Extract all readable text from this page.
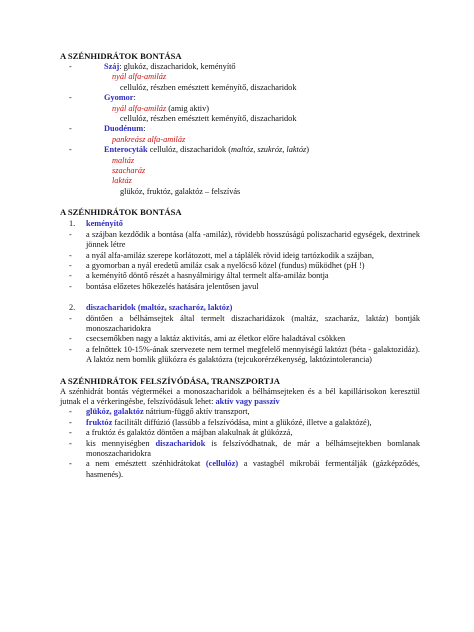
A SZÉNHIDRÁTOK BONTÁSA
-	Száj: glukóz, diszacharidok, keményítő
nyál alfa-amiláz
cellulóz, részben emésztett keményítő, diszacharidok
-	Gyomor:
nyál alfa-amiláz (amig aktiv)
cellulóz, részben emésztett keményítő, diszacharidok
-	Duodénum:
pankreász alfa-amiláz
-	Enterocyták cellulóz, diszacharidok (maltóz, szukróz, laktóz)
maltáz
szacharáz
laktáz
glükóz, fruktóz, galaktóz – felszívás
A SZÉNHIDRÁTOK BONTÁSA
1. keményítő
- a szájban kezdődik a bontása (alfa -amiláz), rövidebb hosszúságú poliszacharid egységek, dextrinek jönnek létre
- a nyál alfa-amiláz szerepe korlátozott, mel a táplálék rövid ideig tartózkodik a szájban,
- a gyomorban a nyál eredetű amiláz csak a nyelőcső közel (fundus) működhet (pH !)
- a keményítő döntő részét a hasnyálmirigy által termelt alfa-amiláz bontja
- bontása előzetes hőkezelés hatására jelentősen javul
2. diszacharidok (maltóz, szacharóz, laktóz)
- döntően a bélhámsejtek által termelt diszacharidázok (maltáz, szacharáz, laktáz) bontják monoszacharidokra
- csecsemőkben nagy a laktáz aktivitás, ami az életkor előre haladtával csökken
- a felnőttek 10-15%-ának szervezete nem termel megfelelő mennyiségű laktózt (béta - galaktozidáz). A laktóz nem bomlik glükózra és galaktózra (tejcukorérzékenység, laktózintolerancia)
A SZÉNHIDRÁTOK FELSZÍVÓDÁSA, TRANSZPORTJA
A szénhidrát bontás végtermékei a monoszacharidok a bélhámsejteken és a bél kapillárisokon keresztül jutnak el a vérkeringésbe, felszívódásuk lehet: aktív vagy passzív
- glükóz, galaktóz nátrium-függő aktív transzport,
- fruktóz facilitált diffúzió (lassúbb a felszívódása, mint a glükózé, illetve a galaktózé),
- a fruktóz és galaktóz döntően a májban alakulnak át glükózzá,
- kis mennyiségben diszacharidok is felszívódhatnak, de már a bélhámsejtekben bomlanak monoszacharidokra
- a nem emésztett szénhidrátokat (cellulóz) a vastagbél mikrobái fermentálják (gázképződés, hasmenés).
